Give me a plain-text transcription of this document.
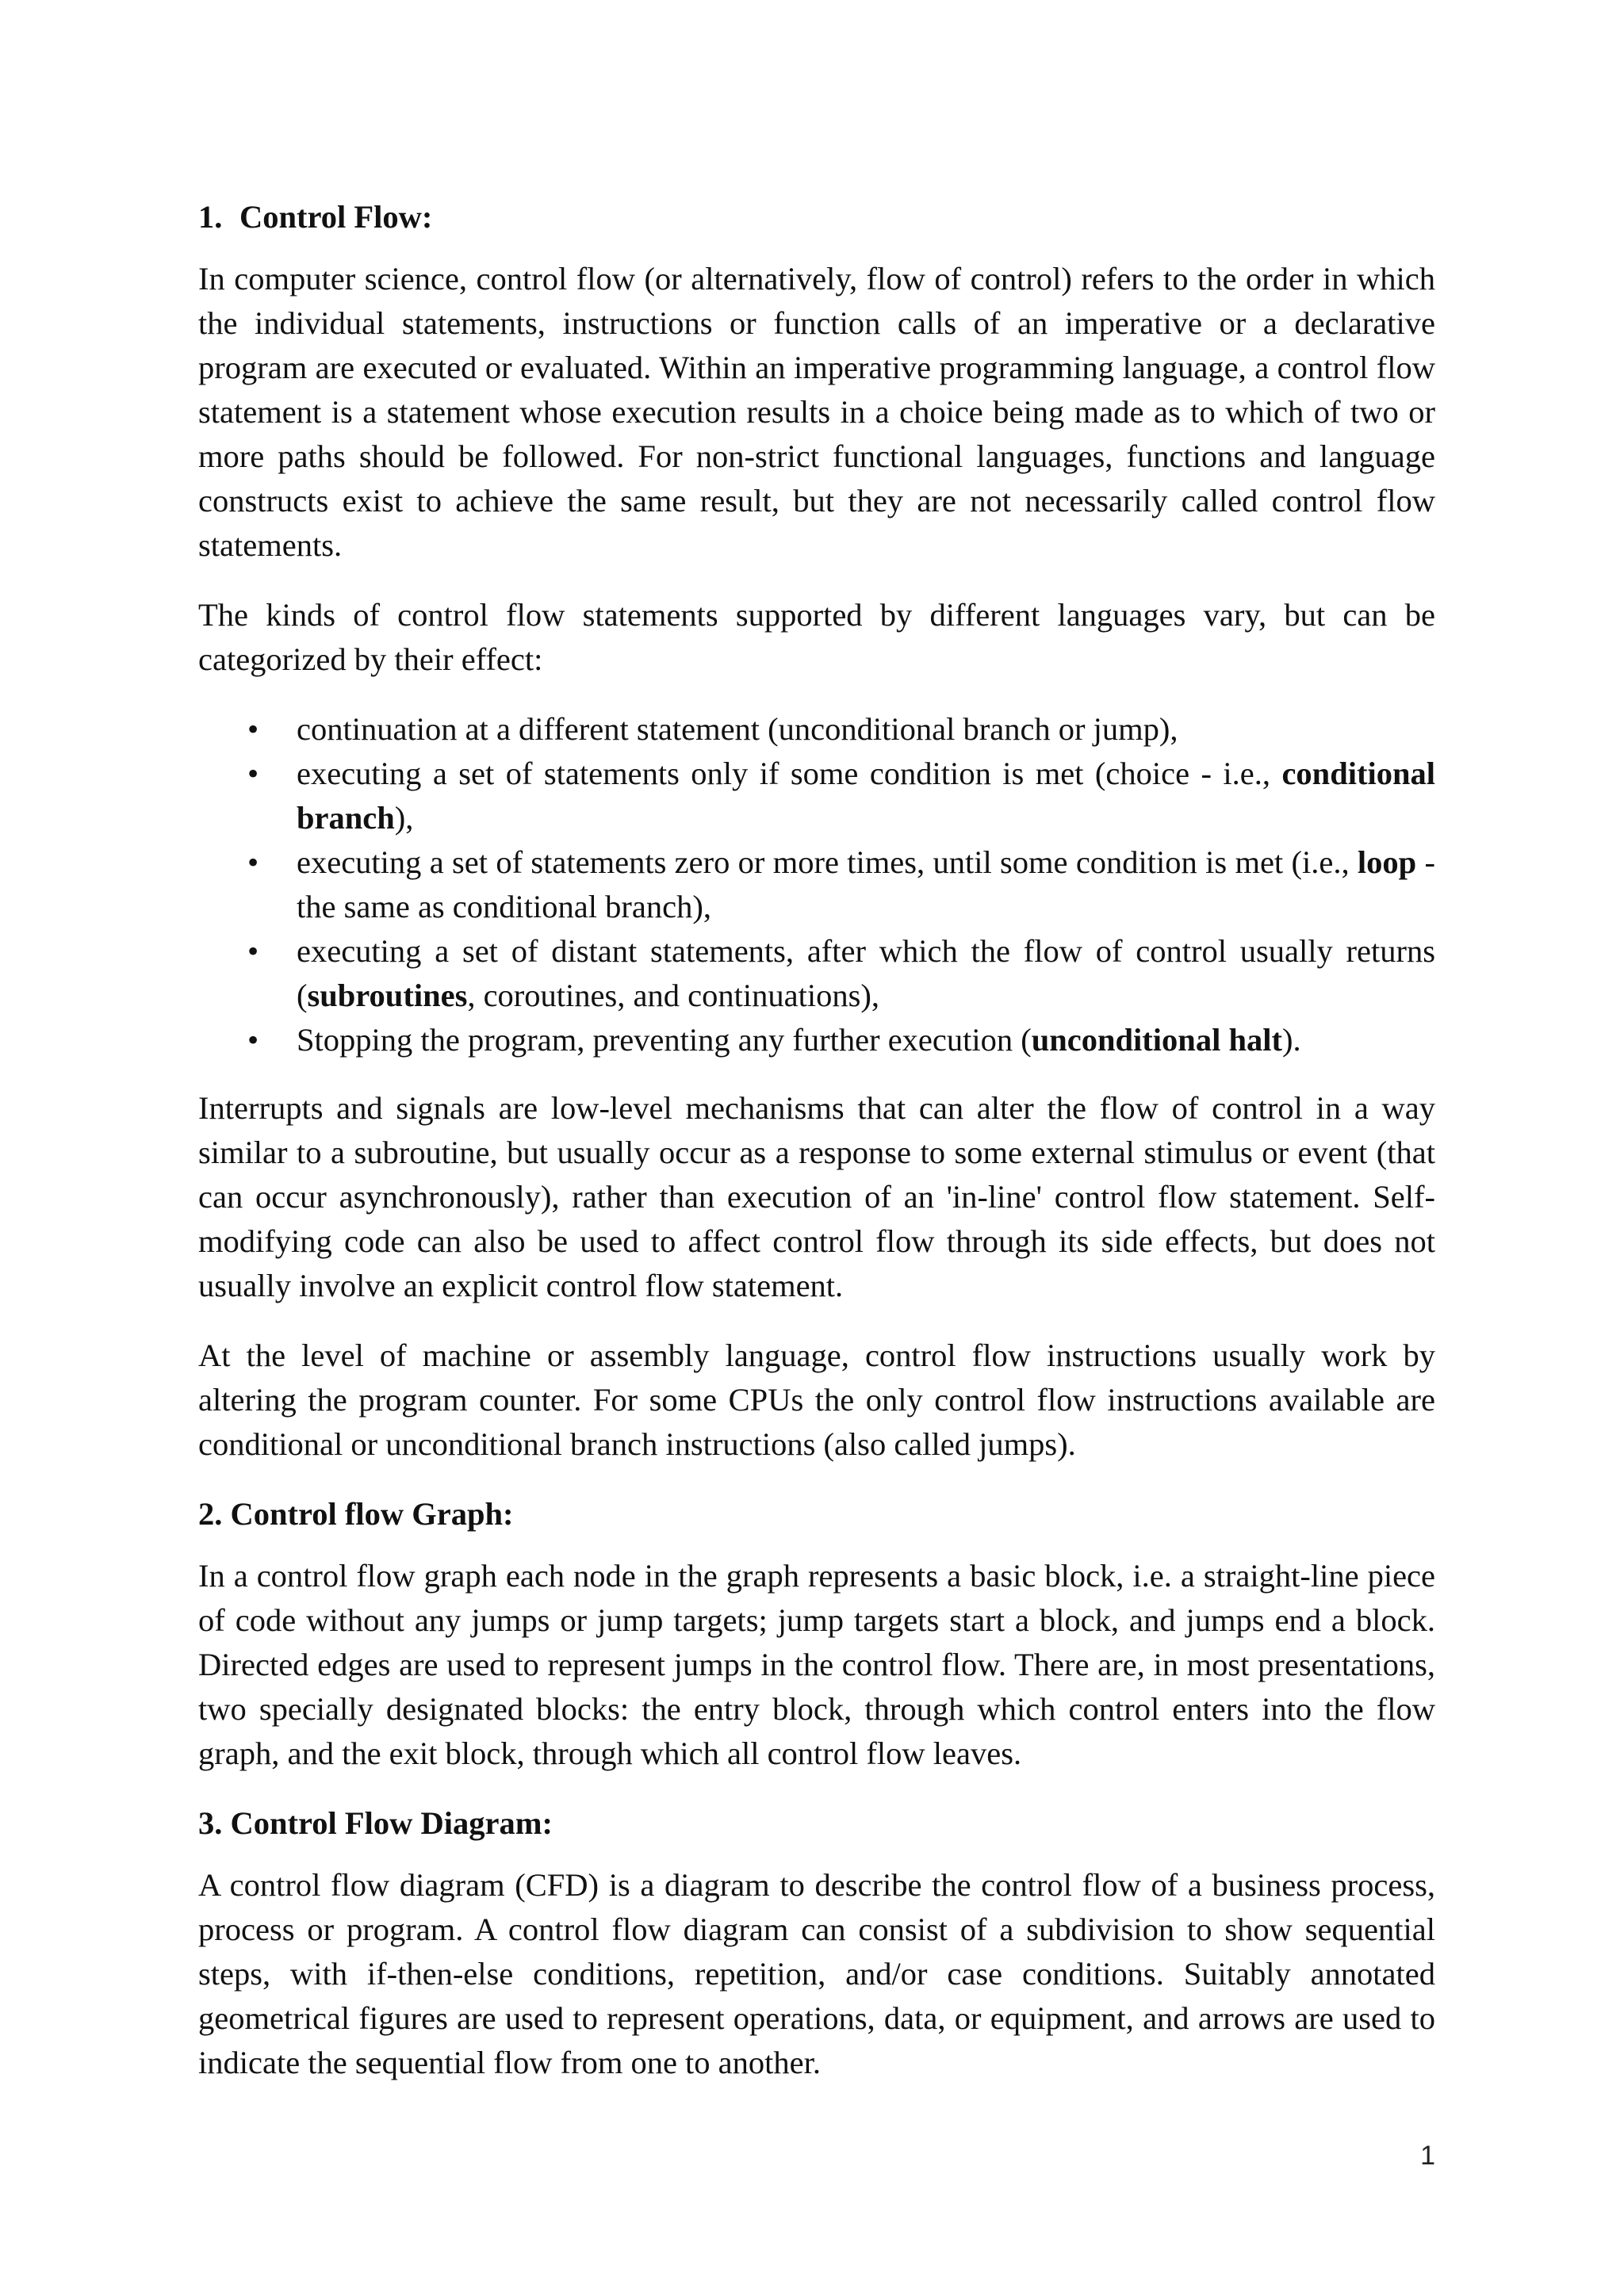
1. Control Flow:

In computer science, control flow (or alternatively, flow of control) refers to the order in which the individual statements, instructions or function calls of an imperative or a declarative program are executed or evaluated. Within an imperative programming language, a control flow statement is a statement whose execution results in a choice being made as to which of two or more paths should be followed. For non-strict functional languages, functions and language constructs exist to achieve the same result, but they are not necessarily called control flow statements.

The kinds of control flow statements supported by different languages vary, but can be categorized by their effect:

• continuation at a different statement (unconditional branch or jump),
• executing a set of statements only if some condition is met (choice - i.e., conditional branch),
• executing a set of statements zero or more times, until some condition is met (i.e., loop - the same as conditional branch),
• executing a set of distant statements, after which the flow of control usually returns (subroutines, coroutines, and continuations),
• Stopping the program, preventing any further execution (unconditional halt).

Interrupts and signals are low-level mechanisms that can alter the flow of control in a way similar to a subroutine, but usually occur as a response to some external stimulus or event (that can occur asynchronously), rather than execution of an 'in-line' control flow statement. Self-modifying code can also be used to affect control flow through its side effects, but does not usually involve an explicit control flow statement.

At the level of machine or assembly language, control flow instructions usually work by altering the program counter. For some CPUs the only control flow instructions available are conditional or unconditional branch instructions (also called jumps).

2. Control flow Graph:

In a control flow graph each node in the graph represents a basic block, i.e. a straight-line piece of code without any jumps or jump targets; jump targets start a block, and jumps end a block. Directed edges are used to represent jumps in the control flow. There are, in most presentations, two specially designated blocks: the entry block, through which control enters into the flow graph, and the exit block, through which all control flow leaves.

3. Control Flow Diagram:

A control flow diagram (CFD) is a diagram to describe the control flow of a business process, process or program. A control flow diagram can consist of a subdivision to show sequential steps, with if-then-else conditions, repetition, and/or case conditions. Suitably annotated geometrical figures are used to represent operations, data, or equipment, and arrows are used to indicate the sequential flow from one to another.

1
